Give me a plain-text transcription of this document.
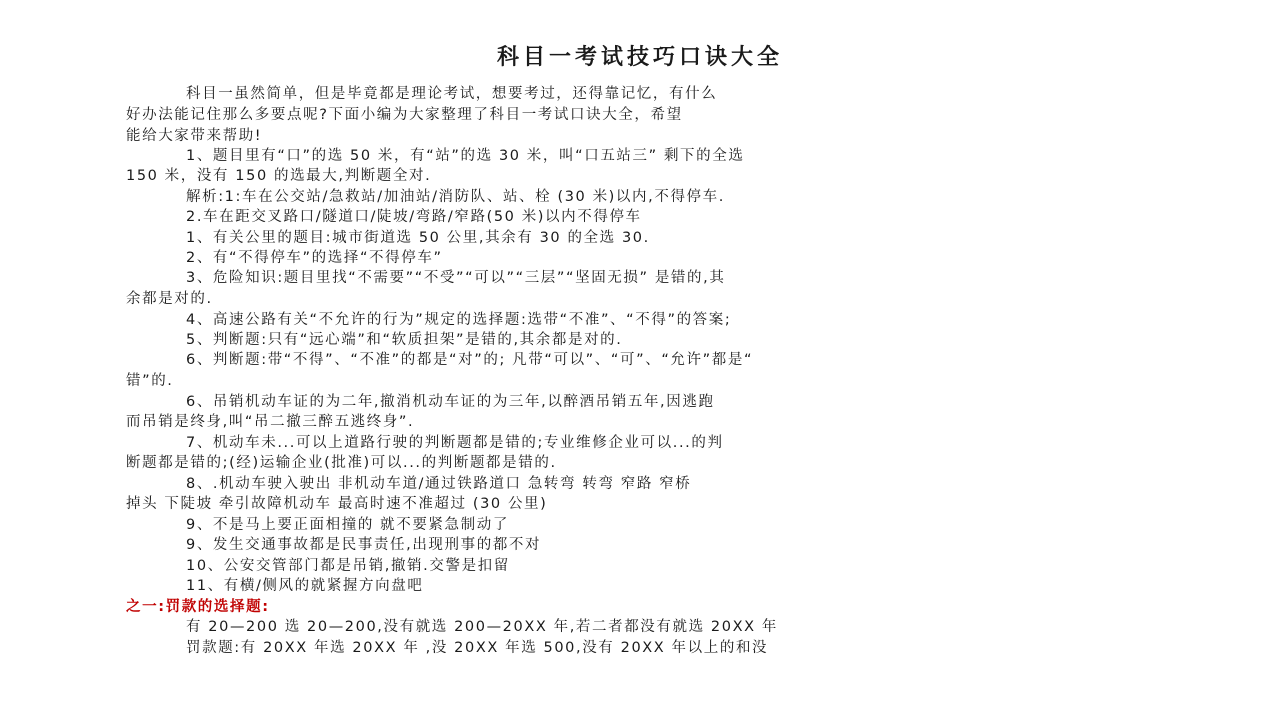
科目一考试技巧口诀大全
科目一虽然简单，但是毕竟都是理论考试，想要考过，还得靠记忆，有什么
好办法能记住那么多要点呢?下面小编为大家整理了科目一考试口诀大全，希望
能给大家带来帮助!
1、题目里有“口”的选 50 米，有“站”的选 30 米，叫“口五站三” 剩下的全选
150 米，没有 150 的选最大,判断题全对.
解析:1:车在公交站/急救站/加油站/消防队、站、栓 (30 米)以内,不得停车.
2.车在距交叉路口/隧道口/陡坡/弯路/窄路(50 米)以内不得停车
1、有关公里的题目:城市街道选 50 公里,其余有 30 的全选 30.
2、有“不得停车”的选择“不得停车”
3、危险知识:题目里找“不需要”“不受”“可以”“三层”“坚固无损” 是错的,其
余都是对的.
4、高速公路有关“不允许的行为”规定的选择题:选带“不准”、“不得”的答案;
5、判断题:只有“远心端”和“软质担架”是错的,其余都是对的.
6、判断题:带“不得”、“不准”的都是“对”的; 凡带“可以”、“可”、“允许”都是“
错”的.
6、吊销机动车证的为二年,撤消机动车证的为三年,以醉酒吊销五年,因逃跑
而吊销是终身,叫“吊二撤三醉五逃终身”.
7、机动车未...可以上道路行驶的判断题都是错的;专业维修企业可以...的判
断题都是错的;(经)运输企业(批准)可以...的判断题都是错的.
8、.机动车驶入驶出 非机动车道/通过铁路道口 急转弯 转弯 窄路 窄桥
掉头 下陡坡 牵引故障机动车 最高时速不准超过 (30 公里)
9、不是马上要正面相撞的 就不要紧急制动了
9、发生交通事故都是民事责任,出现刑事的都不对
10、公安交管部门都是吊销,撤销.交警是扣留
11、有横/侧风的就紧握方向盘吧
之一:罚款的选择题:
有 20—200 选 20—200,没有就选 200—20XX 年,若二者都没有就选 20XX 年
罚款题:有 20XX 年选 20XX 年 ,没 20XX 年选 500,没有 20XX 年以上的和没
